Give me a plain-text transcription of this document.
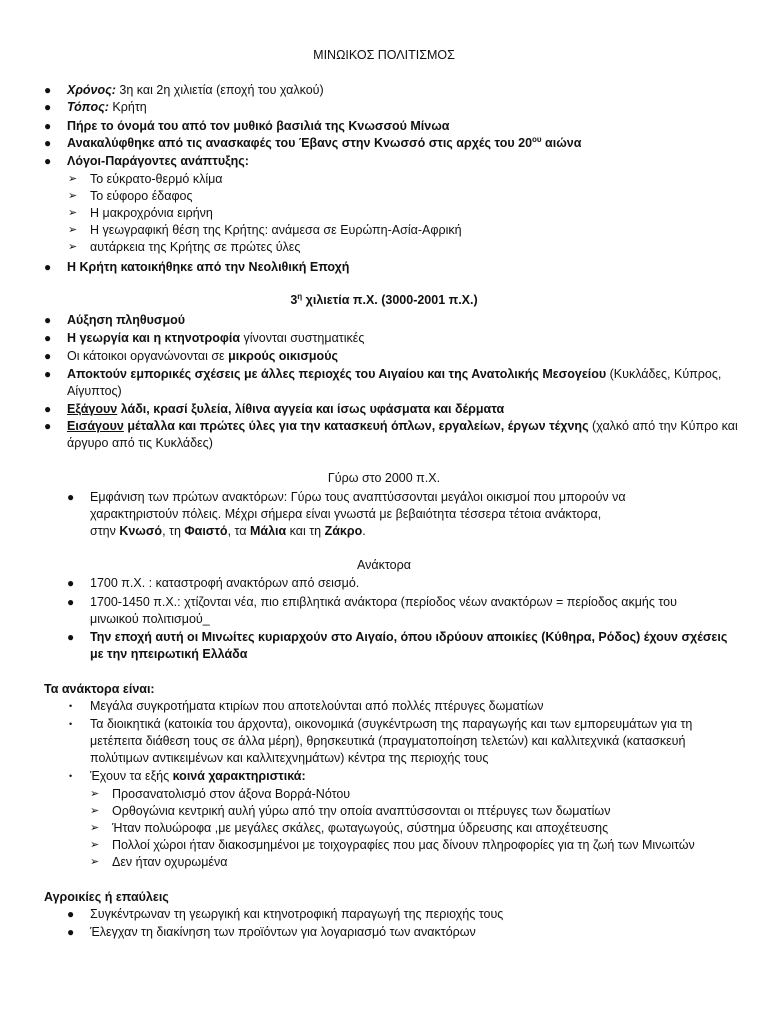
ΜΙΝΩΙΚΟΣ ΠΟΛΙΤΙΣΜΟΣ
● Χρόνος: 3η και 2η χιλιετία (εποχή του χαλκού)
● Τόπος: Κρήτη
● Πήρε το όνομά του από τον μυθικό βασιλιά της Κνωσσού Μίνωα
● Ανακαλύφθηκε από τις ανασκαφές του Έβανς στην Κνωσσό στις αρχές του $20^{o\upsilon}$ αιώνα
● Λόγοι-Παράγοντες ανάπτυξης:
➢ Το εύκρατο-θερμό κλίμα
➢ Το εύφορο έδαφος
➢ Η μακροχρόνια ειρήνη
➢ Η γεωγραφική θέση της Κρήτης: ανάμεσα σε Ευρώπη-Ασία-Αφρική
➢ αυτάρκεια της Κρήτης σε πρώτες ύλες
● Η Κρήτη κατοικήθηκε από την Νεολιθική Εποχή
$3^\eta$ χιλιετία π.Χ. (3000-2001 π.Χ.)
● Αύξηση πληθυσμού
● Η γεωργία και η κτηνοτροφία γίνονται συστηματικές
● Οι κάτοικοι οργανώνονται σε μικρούς οικισμούς
● Αποκτούν εμπορικές σχέσεις με άλλες περιοχές του Αιγαίου και της Ανατολικής Μεσογείου (Κυκλάδες, Κύπρος,
Αίγυπτος)
● Εξάγουν λάδι, κρασί ξυλεία, λίθινα αγγεία και ίσως υφάσματα και δέρματα
● Εισάγουν μέταλλα και πρώτες ύλες για την κατασκευή όπλων, εργαλείων, έργων τέχνης (χαλκό από την Κύπρο και
άργυρο από τις Κυκλάδες)
Γύρω στο 2000 π.Χ.
● Εμφάνιση των πρώτων ανακτόρων: Γύρω τους αναπτύσσονται μεγάλοι οικισμοί που μπορούν να
χαρακτηριστούν πόλεις. Μέχρι σήμερα είναι γνωστά με βεβαιότητα τέσσερα τέτοια ανάκτορα,
στην Κνωσό, τη Φαιστό, τα Μάλια και τη Ζάκρο.
Ανάκτορα
● 1700 π.Χ. : καταστροφή ανακτόρων από σεισμό.
● 1700-1450 π.Χ.: χτίζονται νέα, πιο επιβλητικά ανάκτορα (περίοδος νέων ανακτόρων = περίοδος ακμής του
μινωικού πολιτισμού_
● Την εποχή αυτή οι Μινωίτες κυριαρχούν στο Αιγαίο, όπου ιδρύουν αποικίες (Κύθηρα, Ρόδος) έχουν σχέσεις
με την ηπειρωτική Ελλάδα
Τα ανάκτορα είναι:
• Μεγάλα συγκροτήματα κτιρίων που αποτελούνται από πολλές πτέρυγες δωματίων
• Τα διοικητικά (κατοικία του άρχοντα), οικονομικά (συγκέντρωση της παραγωγής και των εμπορευμάτων για τη
μετέπειτα διάθεση τους σε άλλα μέρη), θρησκευτικά (πραγματοποίηση τελετών) και καλλιτεχνικά (κατασκευή
πολύτιμων αντικειμένων και καλλιτεχνημάτων) κέντρα της περιοχής τους
• Έχουν τα εξής κοινά χαρακτηριστικά:
➢ Προσανατολισμό στον άξονα Βορρά-Νότου
➢ Ορθογώνια κεντρική αυλή γύρω από την οποία αναπτύσσονται οι πτέρυγες των δωματίων
➢ Ήταν πολυώροφα ,με μεγάλες σκάλες, φωταγωγούς, σύστημα ύδρευσης και αποχέτευσης
➢ Πολλοί χώροι ήταν διακοσμημένοι με τοιχογραφίες που μας δίνουν πληροφορίες για τη ζωή των Μινωιτών
➢ Δεν ήταν οχυρωμένα
Αγροικίες ή επαύλεις
● Συγκέντρωναν τη γεωργική και κτηνοτροφική παραγωγή της περιοχής τους
● Έλεγχαν τη διακίνηση των προϊόντων για λογαριασμό των ανακτόρων
